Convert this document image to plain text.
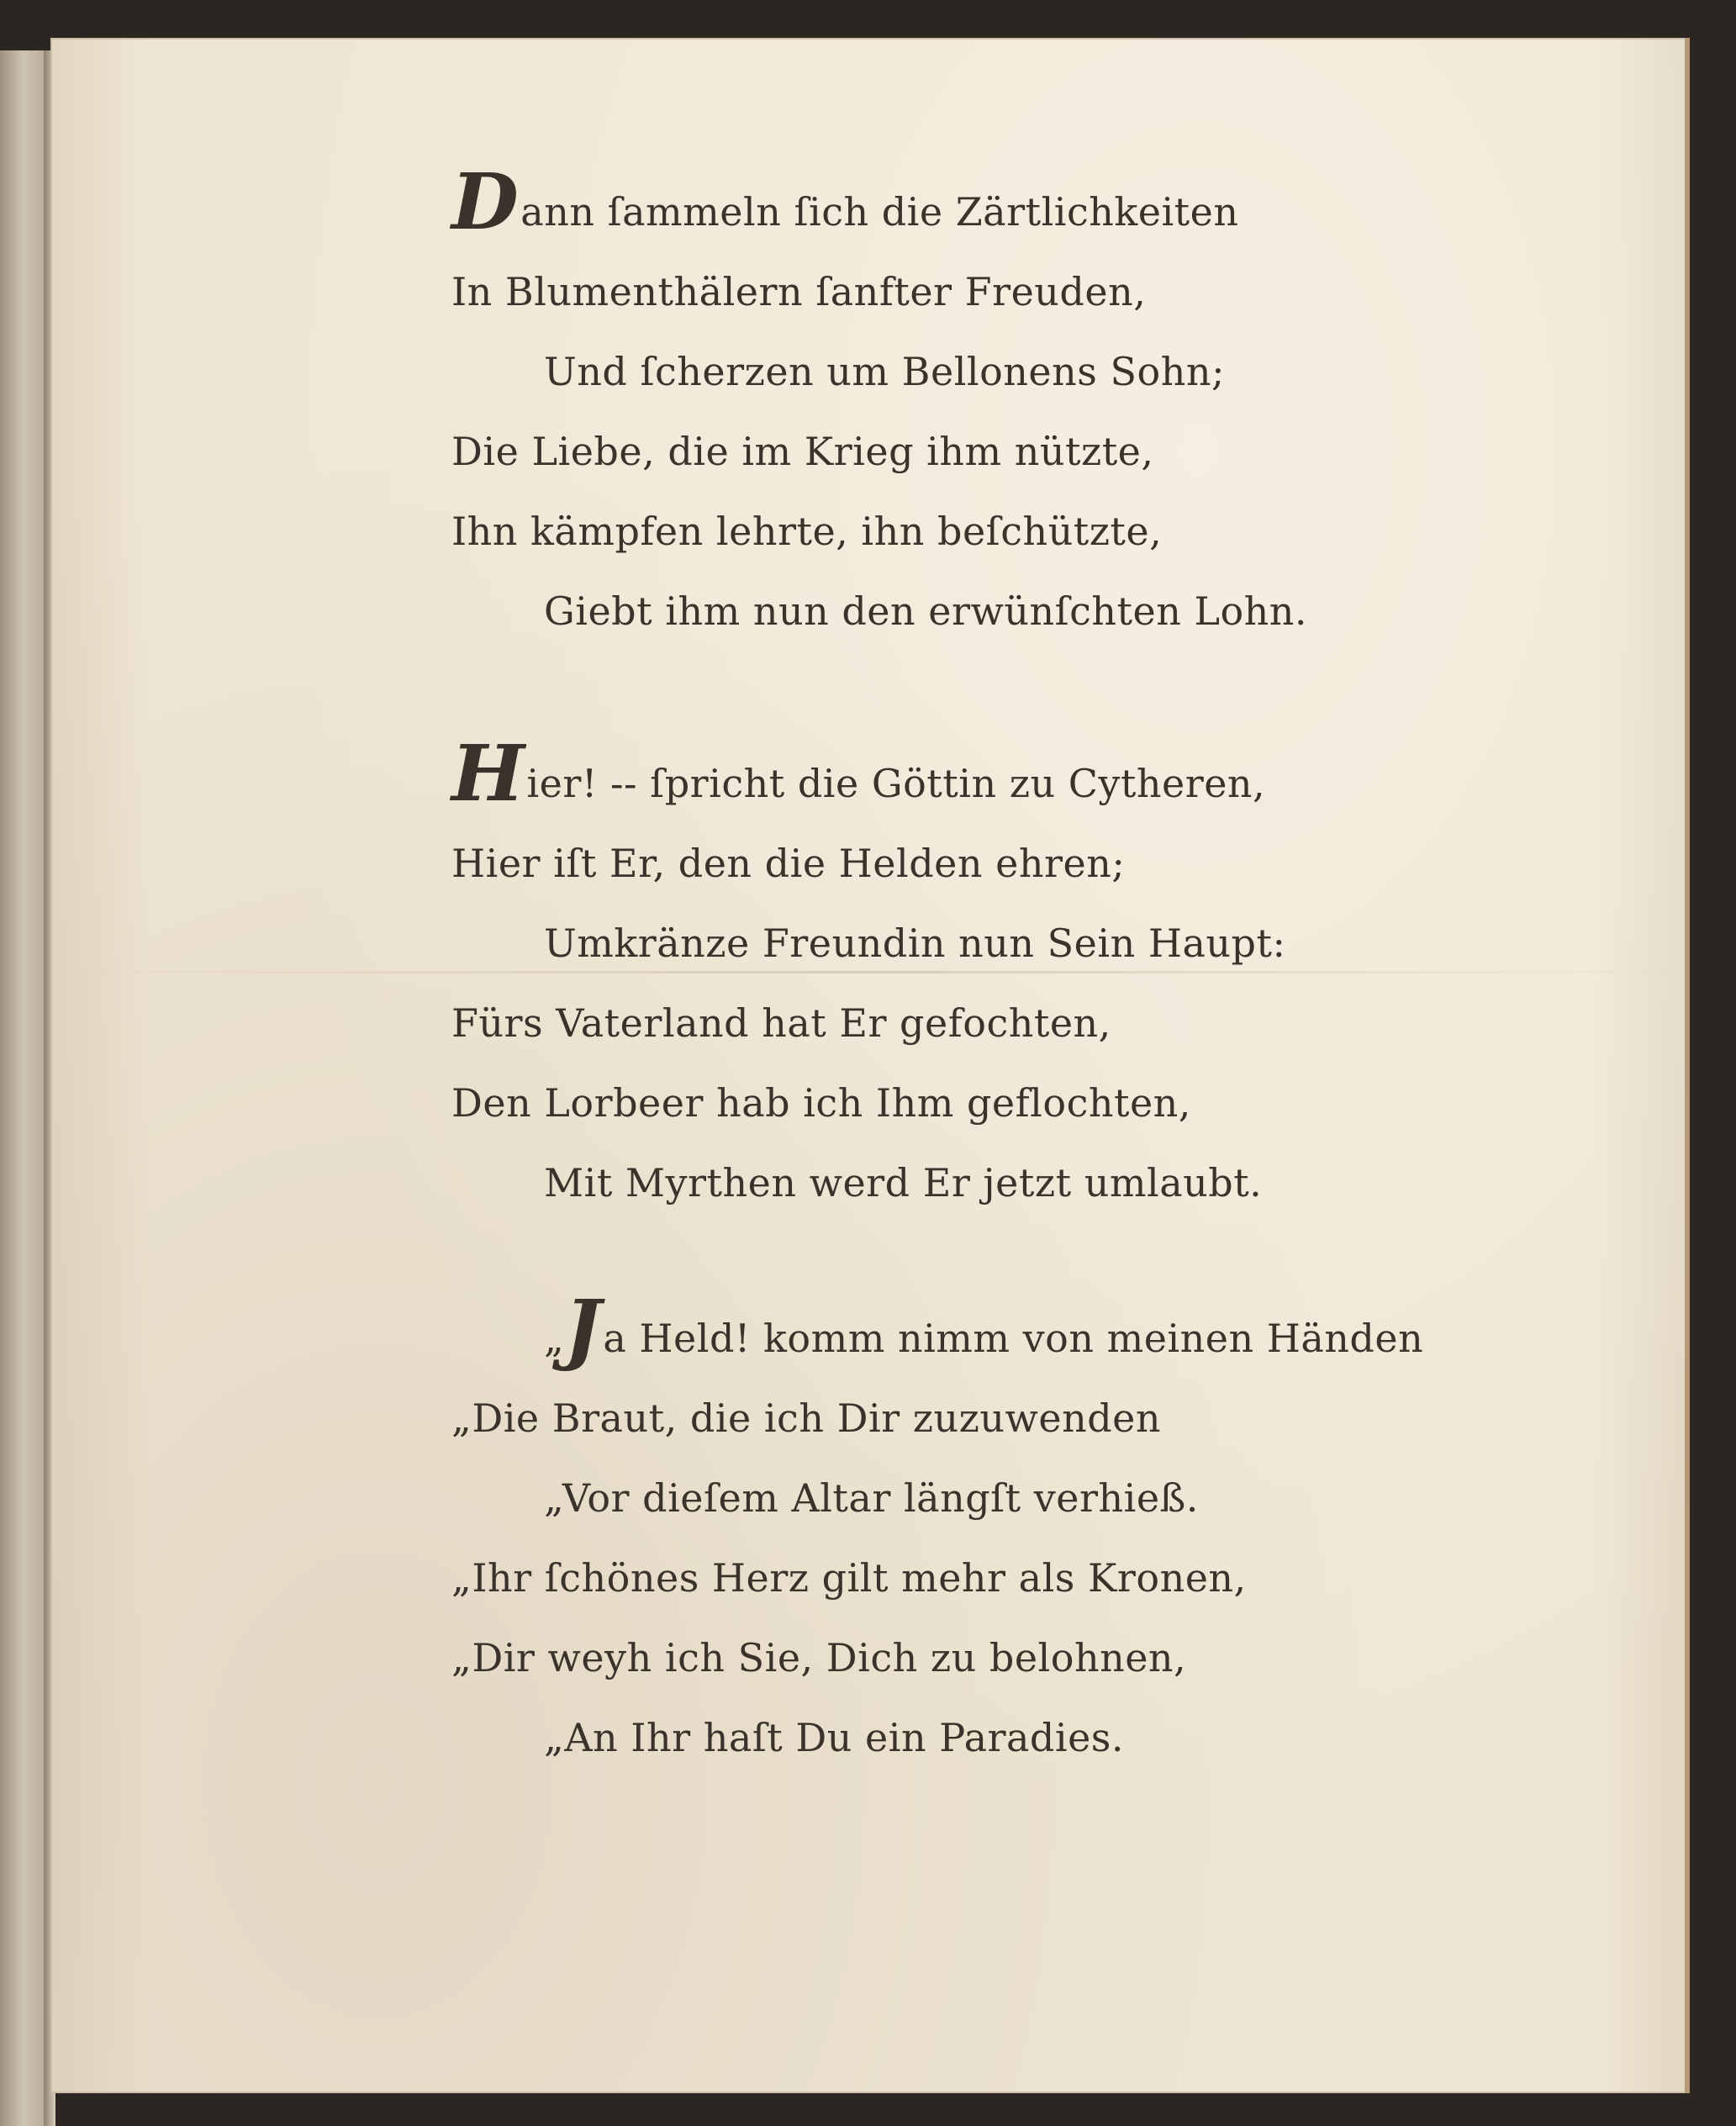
Dann ſammeln ſich die Zärtlichkeiten
In Blumenthälern ſanfter Freuden,
Und ſcherzen um Bellonens Sohn;
Die Liebe, die im Krieg ihm nützte,
Ihn kämpfen lehrte, ihn beſchützte,
Giebt ihm nun den erwünſchten Lohn.
Hier! -- ſpricht die Göttin zu Cytheren,
Hier iſt Er, den die Helden ehren;
Umkränze Freundin nun Sein Haupt:
Fürs Vaterland hat Er gefochten,
Den Lorbeer hab ich Ihm geflochten,
Mit Myrthen werd Er jetzt umlaubt.
„Ja Held! komm nimm von meinen Händen
„Die Braut, die ich Dir zuzuwenden
„Vor dieſem Altar längſt verhieß.
„Ihr ſchönes Herz gilt mehr als Kronen,
„Dir weyh ich Sie, Dich zu belohnen,
„An Ihr haſt Du ein Paradies.
